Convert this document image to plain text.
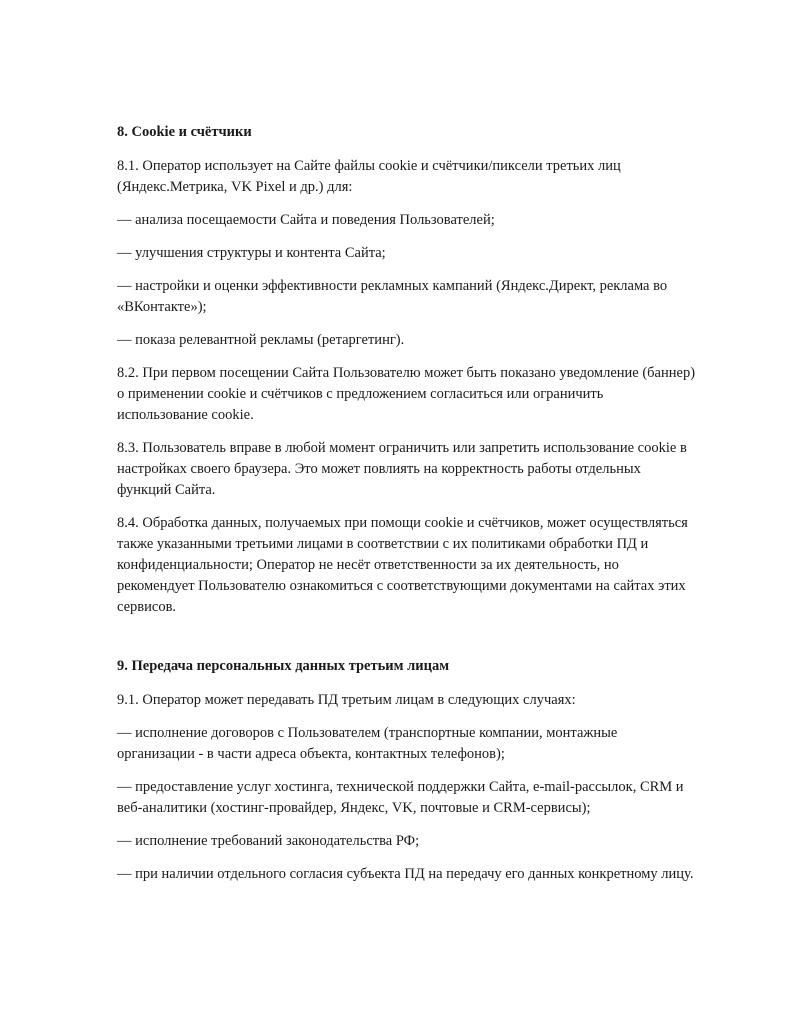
8. Cookie и счётчики

8.1. Оператор использует на Сайте файлы cookie и счётчики/пиксели третьих лиц (Яндекс.Метрика, VK Pixel и др.) для:

— анализа посещаемости Сайта и поведения Пользователей;

— улучшения структуры и контента Сайта;

— настройки и оценки эффективности рекламных кампаний (Яндекс.Директ, реклама во «ВКонтакте»);

— показа релевантной рекламы (ретаргетинг).

8.2. При первом посещении Сайта Пользователю может быть показано уведомление (баннер) о применении cookie и счётчиков с предложением согласиться или ограничить использование cookie.

8.3. Пользователь вправе в любой момент ограничить или запретить использование cookie в настройках своего браузера. Это может повлиять на корректность работы отдельных функций Сайта.

8.4. Обработка данных, получаемых при помощи cookie и счётчиков, может осуществляться также указанными третьими лицами в соответствии с их политиками обработки ПД и конфиденциальности; Оператор не несёт ответственности за их деятельность, но рекомендует Пользователю ознакомиться с соответствующими документами на сайтах этих сервисов.

9. Передача персональных данных третьим лицам

9.1. Оператор может передавать ПД третьим лицам в следующих случаях:

— исполнение договоров с Пользователем (транспортные компании, монтажные организации - в части адреса объекта, контактных телефонов);

— предоставление услуг хостинга, технической поддержки Сайта, e-mail-рассылок, CRM и веб-аналитики (хостинг-провайдер, Яндекс, VK, почтовые и CRM-сервисы);

— исполнение требований законодательства РФ;

— при наличии отдельного согласия субъекта ПД на передачу его данных конкретному лицу.
